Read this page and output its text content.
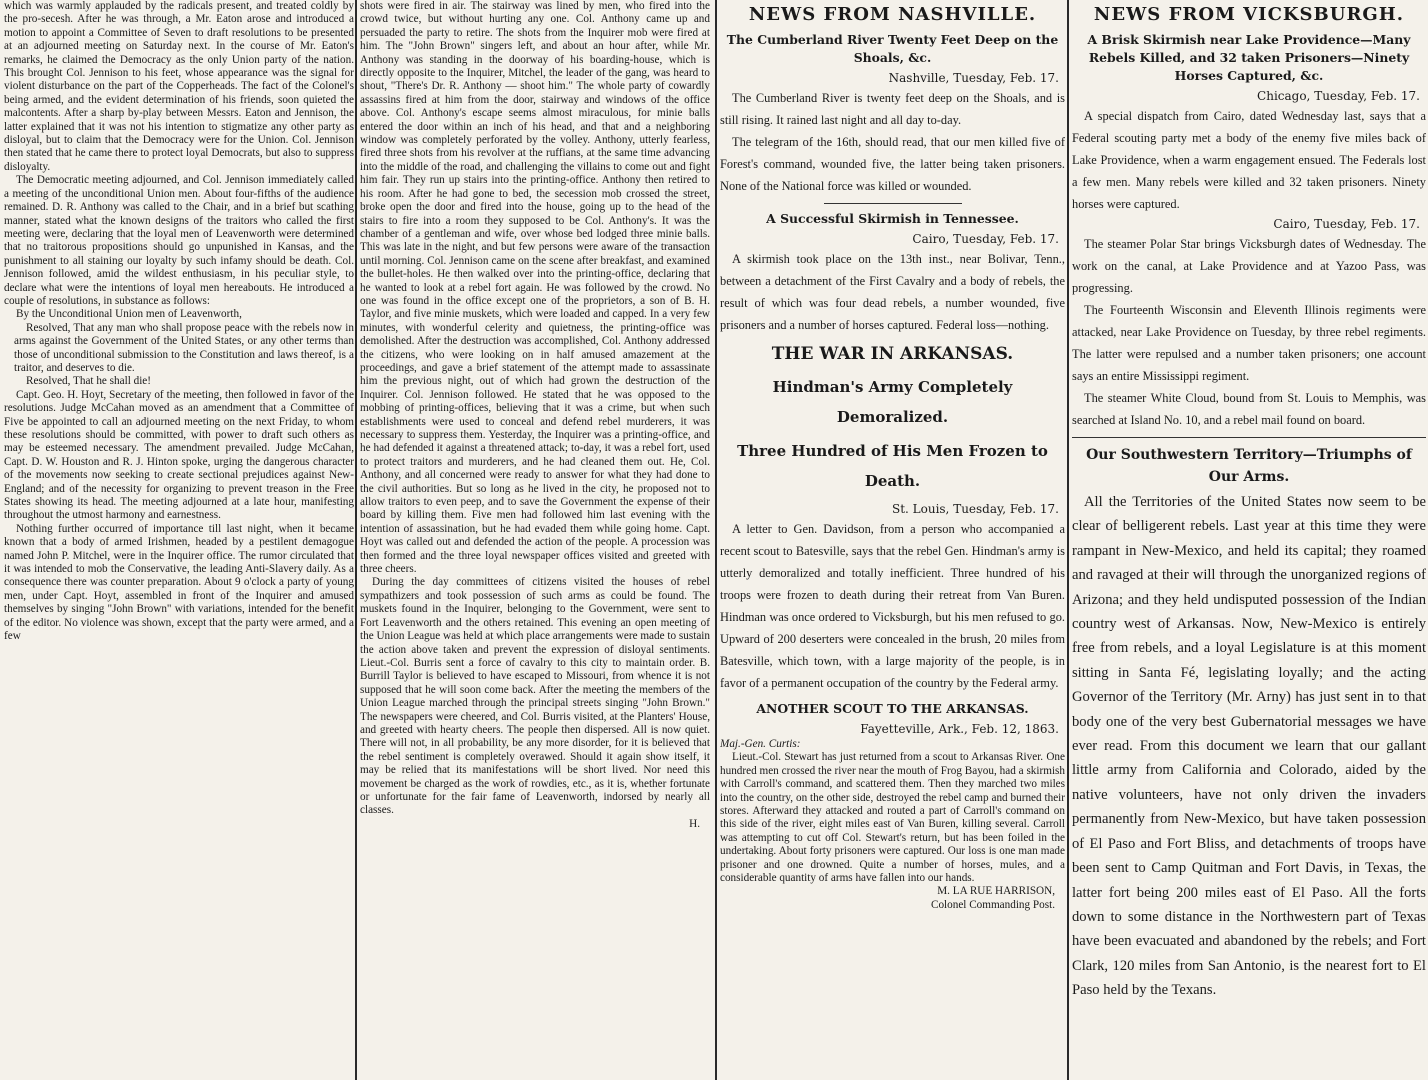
which was warmly applauded by the radicals present, and treated coldly by the pro-secesh. After he was through, a Mr. Eaton arose and introduced a motion to appoint a Committee of Seven to draft resolutions to be presented at an adjourned meeting on Saturday next. In the course of Mr. Eaton's remarks, he claimed the Democracy as the only Union party of the nation. This brought Col. Jennison to his feet, whose appearance was the signal for violent disturbance on the part of the Copperheads. The fact of the Colonel's being armed, and the evident determination of his friends, soon quieted the malcontents. After a sharp by-play between Messrs. Eaton and Jennison, the latter explained that it was not his intention to stigmatize any other party as disloyal, but to claim that the Democracy were for the Union. Col. Jennison then stated that he came there to protect loyal Democrats, but also to suppress disloyalty.

The Democratic meeting adjourned, and Col. Jennison immediately called a meeting of the unconditional Union men. About four-fifths of the audience remained. D. R. Anthony was called to the Chair, and in a brief but scathing manner, stated what the known designs of the traitors who called the first meeting were, declaring that the loyal men of Leavenworth were determined that no traitorous propositions should go unpunished in Kansas, and the punishment to all staining our loyalty by such infamy should be death. Col. Jennison followed, amid the wildest enthusiasm, in his peculiar style, to declare what were the intentions of loyal men hereabouts. He introduced a couple of resolutions, in substance as follows:

By the Unconditional Union men of Leavenworth,

Resolved, That any man who shall propose peace with the rebels now in arms against the Government of the United States, or any other terms than those of unconditional submission to the Constitution and laws thereof, is a traitor, and deserves to die.

Resolved, That he shall die!

Capt. Geo. H. Hoyt, Secretary of the meeting, then followed in favor of the resolutions. Judge McCahan moved as an amendment that a Committee of Five be appointed to call an adjourned meeting on the next Friday, to whom these resolutions should be committed, with power to draft such others as may be esteemed necessary. The amendment prevailed. Judge McCahan, Capt. D. W. Houston and R. J. Hinton spoke, urging the dangerous character of the movements now seeking to create sectional prejudices against New-England; and of the necessity for organizing to prevent treason in the Free States showing its head. The meeting adjourned at a late hour, manifesting throughout the utmost harmony and earnestness.

Nothing further occurred of importance till last night, when it became known that a body of armed Irishmen, headed by a pestilent demagogue named John P. Mitchel, were in the Inquirer office. The rumor circulated that it was intended to mob the Conservative, the leading Anti-Slavery daily. As a consequence there was counter preparation. About 9 o'clock a party of young men, under Capt. Hoyt, assembled in front of the Inquirer and amused themselves by singing "John Brown" with variations, intended for the benefit of the editor. No violence was shown, except that the party were armed, and a few

shots were fired in air. The stairway was lined by men, who fired into the crowd twice, but without hurting any one. Col. Anthony came up and persuaded the party to retire. The shots from the Inquirer mob were fired at him. The "John Brown" singers left, and about an hour after, while Mr. Anthony was standing in the doorway of his boarding-house, which is directly opposite to the Inquirer, Mitchel, the leader of the gang, was heard to shout, "There's Dr. R. Anthony — shoot him." The whole party of cowardly assassins fired at him from the door, stairway and windows of the office above. Col. Anthony's escape seems almost miraculous, for minie balls entered the door within an inch of his head, and that and a neighboring window was completely perforated by the volley. Anthony, utterly fearless, fired three shots from his revolver at the ruffians, at the same time advancing into the middle of the road, and challenging the villains to come out and fight him fair. They run up stairs into the printing-office. Anthony then retired to his room. After he had gone to bed, the secession mob crossed the street, broke open the door and fired into the house, going up to the head of the stairs to fire into a room they supposed to be Col. Anthony's. It was the chamber of a gentleman and wife, over whose bed lodged three minie balls. This was late in the night, and but few persons were aware of the transaction until morning. Col. Jennison came on the scene after breakfast, and examined the bullet-holes. He then walked over into the printing-office, declaring that he wanted to look at a rebel fort again. He was followed by the crowd. No one was found in the office except one of the proprietors, a son of B. H. Taylor, and five minie muskets, which were loaded and capped. In a very few minutes, with wonderful celerity and quietness, the printing-office was demolished. After the destruction was accomplished, Col. Anthony addressed the citizens, who were looking on in half amused amazement at the proceedings, and gave a brief statement of the attempt made to assassinate him the previous night, out of which had grown the destruction of the Inquirer. Col. Jennison followed. He stated that he was opposed to the mobbing of printing-offices, believing that it was a crime, but when such establishments were used to conceal and defend rebel murderers, it was necessary to suppress them. Yesterday, the Inquirer was a printing-office, and he had defended it against a threatened attack; to-day, it was a rebel fort, used to protect traitors and murderers, and he had cleaned them out. He, Col. Anthony, and all concerned were ready to answer for what they had done to the civil authorities. But so long as he lived in the city, he proposed not to allow traitors to even peep, and to save the Government the expense of their board by killing them. Five men had followed him last evening with the intention of assassination, but he had evaded them while going home. Capt. Hoyt was called out and defended the action of the people. A procession was then formed and the three loyal newspaper offices visited and greeted with three cheers.

During the day committees of citizens visited the houses of rebel sympathizers and took possession of such arms as could be found. The muskets found in the Inquirer, belonging to the Government, were sent to Fort Leavenworth and the others retained. This evening an open meeting of the Union League was held at which place arrangements were made to sustain the action above taken and prevent the expression of disloyal sentiments. Lieut.-Col. Burris sent a force of cavalry to this city to maintain order. B. Burrill Taylor is believed to have escaped to Missouri, from whence it is not supposed that he will soon come back. After the meeting the members of the Union League marched through the principal streets singing "John Brown." The newspapers were cheered, and Col. Burris visited, at the Planters' House, and greeted with hearty cheers. The people then dispersed. All is now quiet. There will not, in all probability, be any more disorder, for it is believed that the rebel sentiment is completely overawed. Should it again show itself, it may be relied that its manifestations will be short lived. Nor need this movement be charged as the work of rowdies, etc., as it is, whether fortunate or unfortunate for the fair fame of Leavenworth, indorsed by nearly all classes.

H.

NEWS FROM NASHVILLE.
The Cumberland River Twenty Feet Deep on the Shoals, &c.
Nashville, Tuesday, Feb. 17.

The Cumberland River is twenty feet deep on the Shoals, and is still rising. It rained last night and all day to-day.

The telegram of the 16th, should read, that our men killed five of Forest's command, wounded five, the latter being taken prisoners. None of the National force was killed or wounded.

A Successful Skirmish in Tennessee.
Cairo, Tuesday, Feb. 17.

A skirmish took place on the 13th inst., near Bolivar, Tenn., between a detachment of the First Cavalry and a body of rebels, the result of which was four dead rebels, a number wounded, five prisoners and a number of horses captured. Federal loss—nothing.

THE WAR IN ARKANSAS.
Hindman's Army Completely Demoralized.
Three Hundred of His Men Frozen to Death.
St. Louis, Tuesday, Feb. 17.

A letter to Gen. Davidson, from a person who accompanied a recent scout to Batesville, says that the rebel Gen. Hindman's army is utterly demoralized and totally inefficient. Three hundred of his troops were frozen to death during their retreat from Van Buren. Hindman was once ordered to Vicksburgh, but his men refused to go. Upward of 200 deserters were concealed in the brush, 20 miles from Batesville, which town, with a large majority of the people, is in favor of a permanent occupation of the country by the Federal army.

ANOTHER SCOUT TO THE ARKANSAS.
Fayetteville, Ark., Feb. 12, 1863.

Maj.-Gen. Curtis:

Lieut.-Col. Stewart has just returned from a scout to Arkansas River. One hundred men crossed the river near the mouth of Frog Bayou, had a skirmish with Carroll's command, and scattered them. Then they marched two miles into the country, on the other side, destroyed the rebel camp and burned their stores. Afterward they attacked and routed a part of Carroll's command on this side of the river, eight miles east of Van Buren, killing several. Carroll was attempting to cut off Col. Stewart's return, but has been foiled in the undertaking. About forty prisoners were captured. Our loss is one man made prisoner and one drowned. Quite a number of horses, mules, and a considerable quantity of arms have fallen into our hands.

M. LA RUE HARRISON,

Colonel Commanding Post.

NEWS FROM VICKSBURGH.
A Brisk Skirmish near Lake Providence—Many Rebels Killed, and 32 taken Prisoners—Ninety Horses Captured, &c.
Chicago, Tuesday, Feb. 17.

A special dispatch from Cairo, dated Wednesday last, says that a Federal scouting party met a body of the enemy five miles back of Lake Providence, when a warm engagement ensued. The Federals lost a few men. Many rebels were killed and 32 taken prisoners. Ninety horses were captured.

Cairo, Tuesday, Feb. 17.

The steamer Polar Star brings Vicksburgh dates of Wednesday. The work on the canal, at Lake Providence and at Yazoo Pass, was progressing.

The Fourteenth Wisconsin and Eleventh Illinois regiments were attacked, near Lake Providence on Tuesday, by three rebel regiments. The latter were repulsed and a number taken prisoners; one account says an entire Mississippi regiment.

The steamer White Cloud, bound from St. Louis to Memphis, was searched at Island No. 10, and a rebel mail found on board.

Our Southwestern Territory—Triumphs of Our Arms.

All the Territories of the United States now seem to be clear of belligerent rebels. Last year at this time they were rampant in New-Mexico, and held its capital; they roamed and ravaged at their will through the unorganized regions of Arizona; and they held undisputed possession of the Indian country west of Arkansas. Now, New-Mexico is entirely free from rebels, and a loyal Legislature is at this moment sitting in Santa Fé, legislating loyally; and the acting Governor of the Territory (Mr. Arny) has just sent in to that body one of the very best Gubernatorial messages we have ever read. From this document we learn that our gallant little army from California and Colorado, aided by the native volunteers, have not only driven the invaders permanently from New-Mexico, but have taken possession of El Paso and Fort Bliss, and detachments of troops have been sent to Camp Quitman and Fort Davis, in Texas, the latter fort being 200 miles east of El Paso. All the forts down to some distance in the Northwestern part of Texas have been evacuated and abandoned by the rebels; and Fort Clark, 120 miles from San Antonio, is the nearest fort to El Paso held by the Texans.
